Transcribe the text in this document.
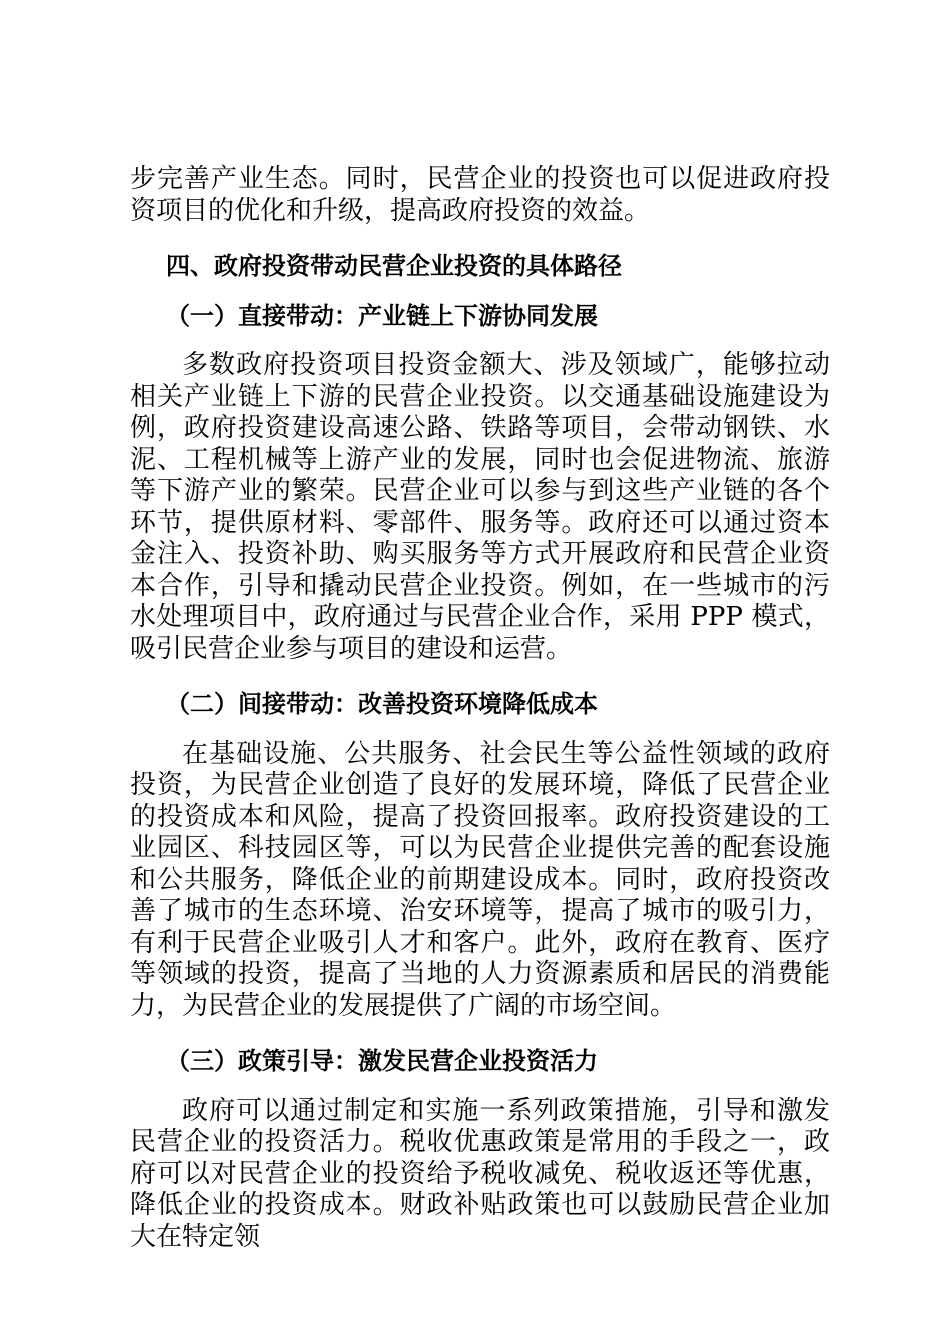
步完善产业生态。同时，民营企业的投资也可以促进政府投资项目的优化和升级，提高政府投资的效益。

四、政府投资带动民营企业投资的具体路径

（一）直接带动：产业链上下游协同发展

多数政府投资项目投资金额大、涉及领域广，能够拉动相关产业链上下游的民营企业投资。以交通基础设施建设为例，政府投资建设高速公路、铁路等项目，会带动钢铁、水泥、工程机械等上游产业的发展，同时也会促进物流、旅游等下游产业的繁荣。民营企业可以参与到这些产业链的各个环节，提供原材料、零部件、服务等。政府还可以通过资本金注入、投资补助、购买服务等方式开展政府和民营企业资本合作，引导和撬动民营企业投资。例如，在一些城市的污水处理项目中，政府通过与民营企业合作，采用 PPP 模式，吸引民营企业参与项目的建设和运营。

（二）间接带动：改善投资环境降低成本

在基础设施、公共服务、社会民生等公益性领域的政府投资，为民营企业创造了良好的发展环境，降低了民营企业的投资成本和风险，提高了投资回报率。政府投资建设的工业园区、科技园区等，可以为民营企业提供完善的配套设施和公共服务，降低企业的前期建设成本。同时，政府投资改善了城市的生态环境、治安环境等，提高了城市的吸引力，有利于民营企业吸引人才和客户。此外，政府在教育、医疗等领域的投资，提高了当地的人力资源素质和居民的消费能力，为民营企业的发展提供了广阔的市场空间。

（三）政策引导：激发民营企业投资活力

政府可以通过制定和实施一系列政策措施，引导和激发民营企业的投资活力。税收优惠政策是常用的手段之一，政府可以对民营企业的投资给予税收减免、税收返还等优惠，降低企业的投资成本。财政补贴政策也可以鼓励民营企业加大在特定领
